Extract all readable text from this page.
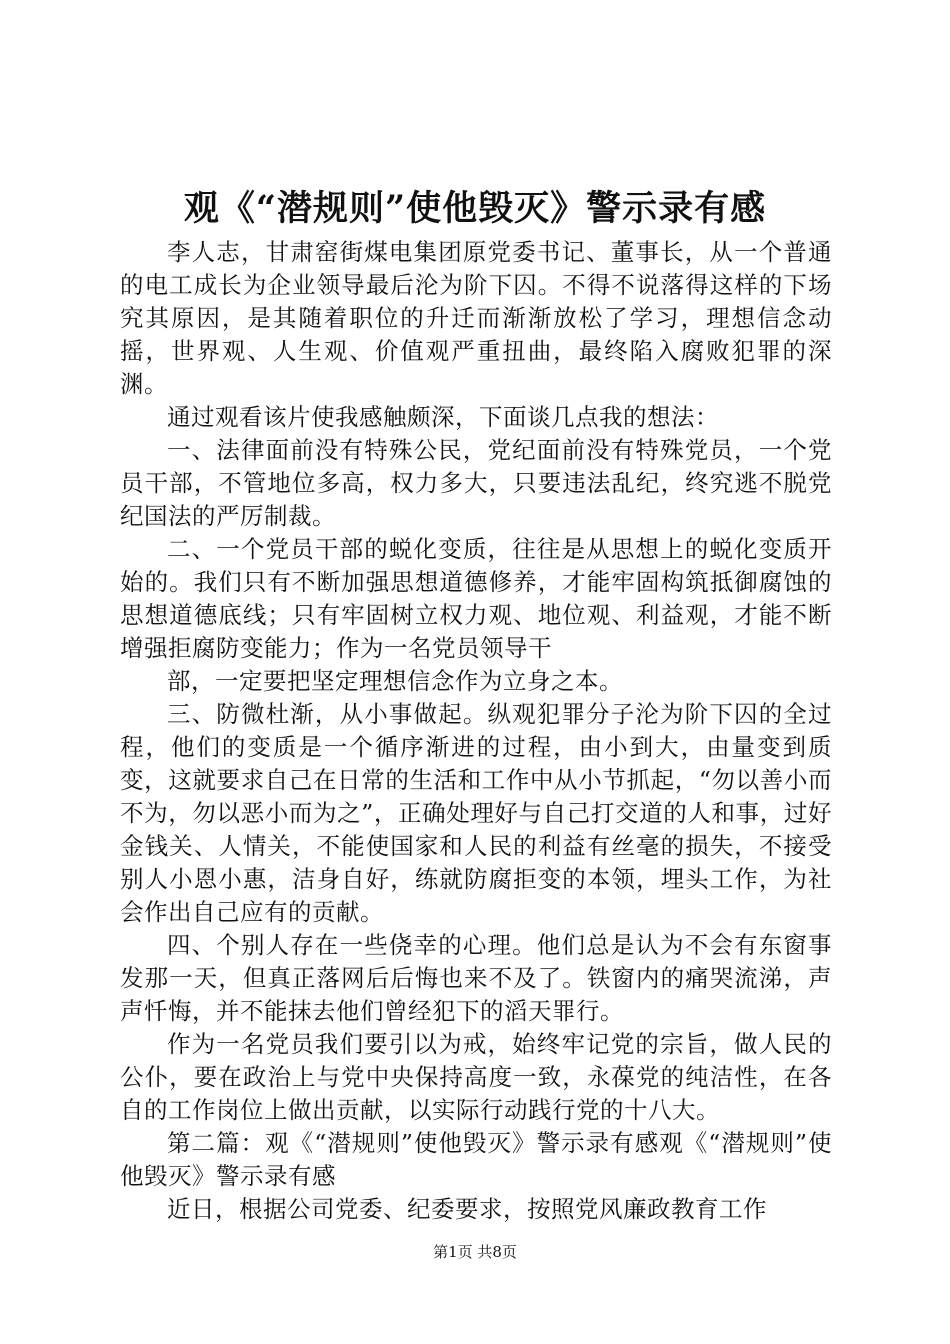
观《“潜规则”使他毁灭》警示录有感

李人志，甘肃窑街煤电集团原党委书记、董事长，从一个普通的电工成长为企业领导最后沦为阶下囚。不得不说落得这样的下场究其原因，是其随着职位的升迁而渐渐放松了学习，理想信念动摇，世界观、人生观、价值观严重扭曲，最终陷入腐败犯罪的深渊。

通过观看该片使我感触颇深，下面谈几点我的想法：

一、法律面前没有特殊公民，党纪面前没有特殊党员，一个党员干部，不管地位多高，权力多大，只要违法乱纪，终究逃不脱党纪国法的严厉制裁。

二、一个党员干部的蜕化变质，往往是从思想上的蜕化变质开始的。我们只有不断加强思想道德修养，才能牢固构筑抵御腐蚀的思想道德底线；只有牢固树立权力观、地位观、利益观，才能不断增强拒腐防变能力；作为一名党员领导干

部，一定要把坚定理想信念作为立身之本。

三、防微杜渐，从小事做起。纵观犯罪分子沦为阶下囚的全过程，他们的变质是一个循序渐进的过程，由小到大，由量变到质变，这就要求自己在日常的生活和工作中从小节抓起，“勿以善小而不为，勿以恶小而为之”，正确处理好与自己打交道的人和事，过好金钱关、人情关，不能使国家和人民的利益有丝毫的损失，不接受别人小恩小惠，洁身自好，练就防腐拒变的本领，埋头工作，为社会作出自己应有的贡献。

四、个别人存在一些侥幸的心理。他们总是认为不会有东窗事发那一天，但真正落网后后悔也来不及了。铁窗内的痛哭流涕，声声忏悔，并不能抹去他们曾经犯下的滔天罪行。

作为一名党员我们要引以为戒，始终牢记党的宗旨，做人民的公仆，要在政治上与党中央保持高度一致，永葆党的纯洁性，在各自的工作岗位上做出贡献，以实际行动践行党的十八大。

第二篇：观《“潜规则”使他毁灭》警示录有感观《“潜规则”使他毁灭》警示录有感

近日，根据公司党委、纪委要求，按照党风廉政教育工作

第1页 共8页
